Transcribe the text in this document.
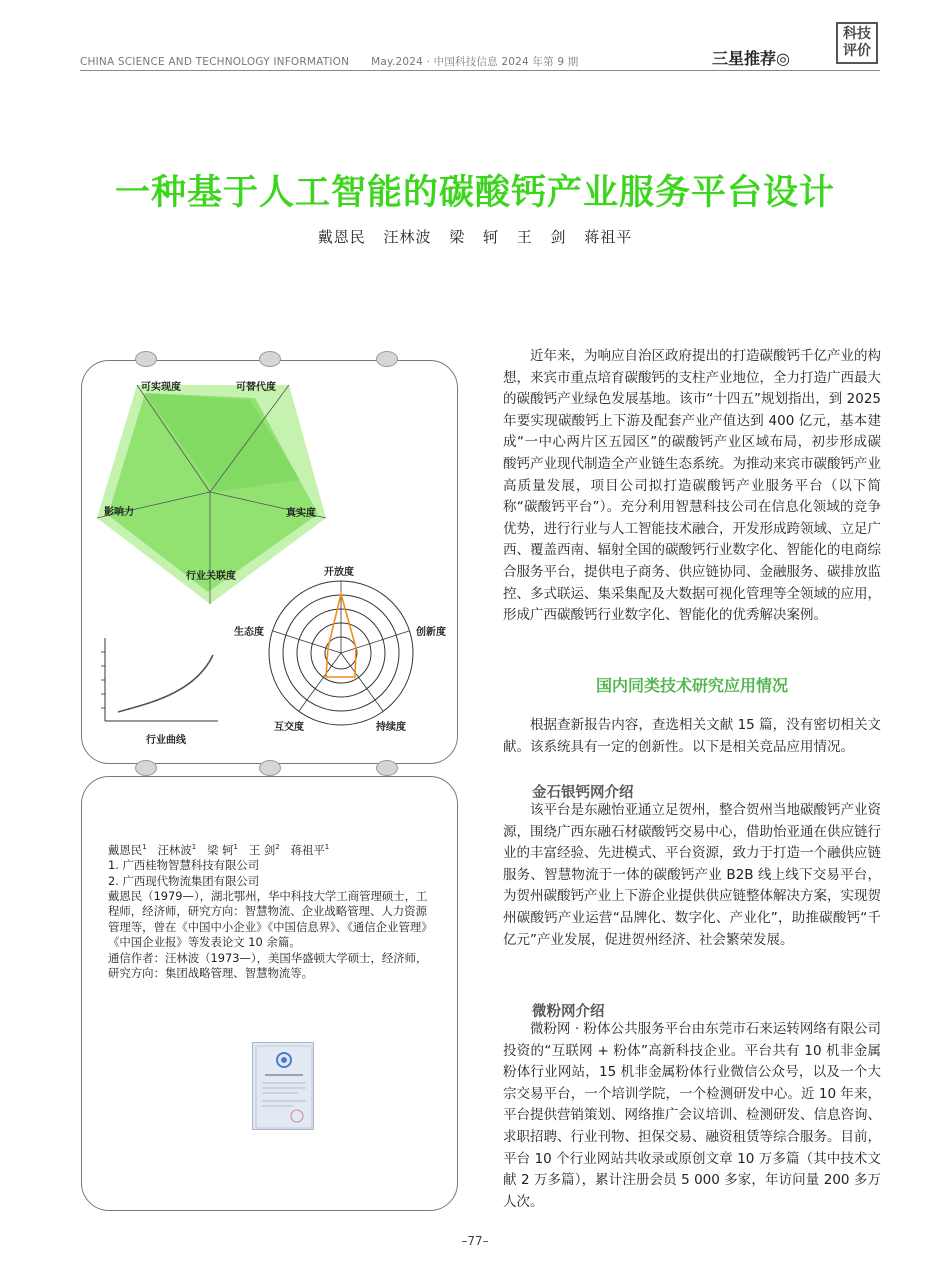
CHINA SCIENCE AND TECHNOLOGY INFORMATION May.2024 · 中国科技信息 2024 年第 9 期	三星推荐◎
科技
评价
一种基于人工智能的碳酸钙产业服务平台设计
戴恩民 汪林波 梁 轲 王 剑 蒋祖平
可实现度	可替代度
真实度
行业关联度
影响力
开放度
创新度
持续度
互交度
生态度
行业曲线

戴恩民$^1$ 汪林波$^1$ 梁 轲$^1$ 王 剑$^2$ 蒋祖平$^1$

1. 广西桂物智慧科技有限公司

2. 广西现代物流集团有限公司

戴恩民（1979—），湖北鄂州，华中科技大学工商管理硕士，工程师，经济师，研究方向：智慧物流、企业战略管理、人力资源管理等，曾在《中国中小企业》《中国信息界》、《通信企业管理》《中国企业报》等发表论文 10 余篇。

通信作者：汪林波（1973—），美国华盛顿大学硕士，经济师，研究方向：集团战略管理、智慧物流等。

近年来，为响应自治区政府提出的打造碳酸钙千亿产业的构想，来宾市重点培育碳酸钙的支柱产业地位，全力打造广西最大的碳酸钙产业绿色发展基地。该市“十四五”规划指出，到 2025 年要实现碳酸钙上下游及配套产业产值达到 400 亿元，基本建成“一中心两片区五园区”的碳酸钙产业区域布局，初步形成碳酸钙产业现代制造全产业链生态系统。为推动来宾市碳酸钙产业高质量发展，项目公司拟打造碳酸钙产业服务平台（以下简称“碳酸钙平台”）。充分利用智慧科技公司在信息化领域的竞争优势，进行行业与人工智能技术融合，开发形成跨领域、立足广西、覆盖西南、辐射全国的碳酸钙行业数字化、智能化的电商综合服务平台，提供电子商务、供应链协同、金融服务、碳排放监控、多式联运、集采集配及大数据可视化管理等全领域的应用，形成广西碳酸钙行业数字化、智能化的优秀解决案例。

国内同类技术研究应用情况

根据查新报告内容，查选相关文献 15 篇，没有密切相关文献。该系统具有一定的创新性。以下是相关竞品应用情况。

金石银钙网介绍

该平台是东融怡亚通立足贺州，整合贺州当地碳酸钙产业资源，围绕广西东融石材碳酸钙交易中心，借助怡亚通在供应链行业的丰富经验、先进模式、平台资源，致力于打造一个融供应链服务、智慧物流于一体的碳酸钙产业 B2B 线上线下交易平台，为贺州碳酸钙产业上下游企业提供供应链整体解决方案，实现贺州碳酸钙产业运营“品牌化、数字化、产业化”，助推碳酸钙“千亿元”产业发展，促进贺州经济、社会繁荣发展。

微粉网介绍

微粉网 · 粉体公共服务平台由东莞市石来运转网络有限公司投资的“互联网 + 粉体”高新科技企业。平台共有 10 机非金属粉体行业网站，15 机非金属粉体行业微信公众号，以及一个大宗交易平台，一个培训学院，一个检测研发中心。近 10 年来，平台提供营销策划、网络推广会议培训、检测研发、信息咨询、求职招聘、行业刊物、担保交易、融资租赁等综合服务。目前，平台 10 个行业网站共收录或原创文章 10 万多篇（其中技术文献 2 万多篇），累计注册会员 5 000 多家，年访问量 200 多万人次。

–77–
